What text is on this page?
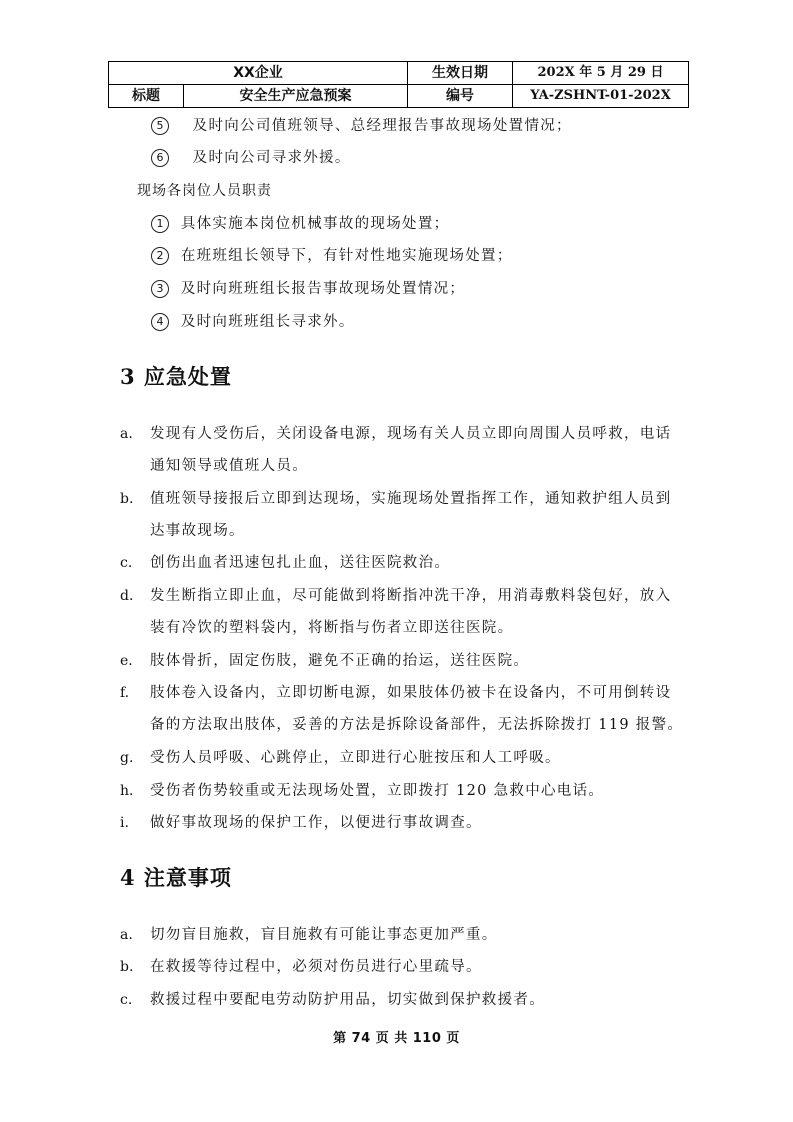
XX企业		生效日期	202X 年 5 月 29 日
标题	安全生产应急预案	编号	YA-ZSHNT-01-202X
5 及时向公司值班领导、总经理报告事故现场处置情况；
6 及时向公司寻求外援。
现场各岗位人员职责
1 具体实施本岗位机械事故的现场处置；
2 在班班组长领导下，有针对性地实施现场处置；
3 及时向班班组长报告事故现场处置情况；
4 及时向班班组长寻求外。
3 应急处置
a. 发现有人受伤后，关闭设备电源，现场有关人员立即向周围人员呼救，电话
通知领导或值班人员。
b. 值班领导接报后立即到达现场，实施现场处置指挥工作，通知救护组人员到
达事故现场。
c. 创伤出血者迅速包扎止血，送往医院救治。
d. 发生断指立即止血，尽可能做到将断指冲洗干净，用消毒敷料袋包好，放入
装有冷饮的塑料袋内，将断指与伤者立即送往医院。
e. 肢体骨折，固定伤肢，避免不正确的抬运，送往医院。
f. 肢体卷入设备内，立即切断电源，如果肢体仍被卡在设备内，不可用倒转设
备的方法取出肢体，妥善的方法是拆除设备部件，无法拆除拨打 119 报警。
g. 受伤人员呼吸、心跳停止，立即进行心脏按压和人工呼吸。
h. 受伤者伤势较重或无法现场处置，立即拨打 120 急救中心电话。
i. 做好事故现场的保护工作，以便进行事故调查。
4 注意事项
a. 切勿盲目施救，盲目施救有可能让事态更加严重。
b. 在救援等待过程中，必须对伤员进行心里疏导。
c. 救援过程中要配电劳动防护用品，切实做到保护救援者。
第 74 页 共 110 页
